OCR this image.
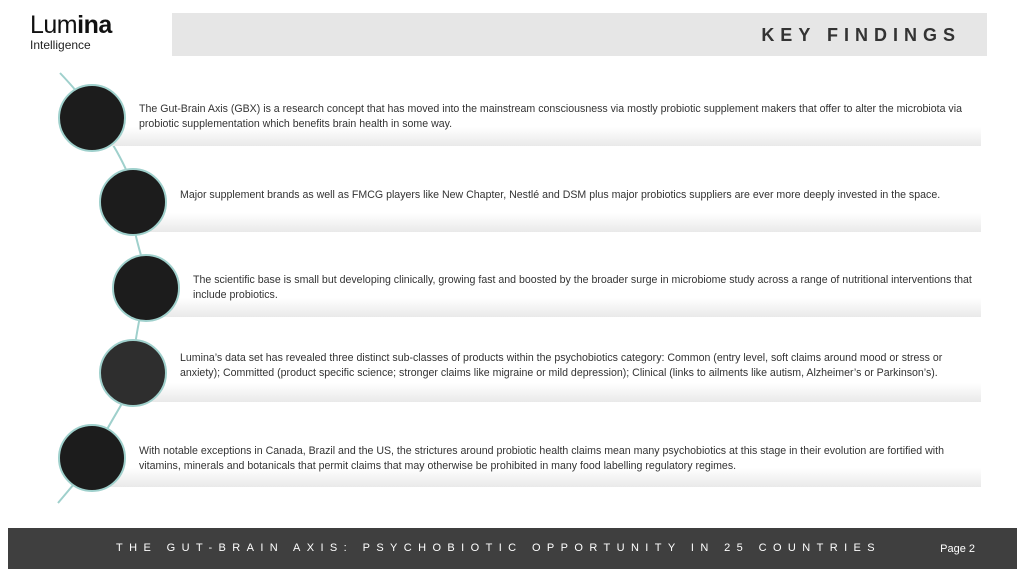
Lumina
Intelligence	KEY FINDINGS
The Gut-Brain Axis (GBX) is a research concept that has moved into the mainstream consciousness via mostly probiotic supplement makers that offer to alter the microbiota via probiotic supplementation which benefits brain health in some way.
Major supplement brands as well as FMCG players like New Chapter, Nestlé and DSM plus major probiotics suppliers are ever more deeply invested in the space.
The scientific base is small but developing clinically, growing fast and boosted by the broader surge in microbiome study across a range of nutritional interventions that include probiotics.
Lumina’s data set has revealed three distinct sub-classes of products within the psychobiotics category: Common (entry level, soft claims around mood or stress or anxiety); Committed (product specific science; stronger claims like migraine or mild depression); Clinical (links to ailments like autism, Alzheimer’s or Parkinson’s).
With notable exceptions in Canada, Brazil and the US, the strictures around probiotic health claims mean many psychobiotics at this stage in their evolution are fortified with vitamins, minerals and botanicals that permit claims that may otherwise be prohibited in many food labelling regulatory regimes.
THE GUT-BRAIN AXIS: PSYCHOBIOTIC OPPORTUNITY IN 25 COUNTRIES	Page 2
